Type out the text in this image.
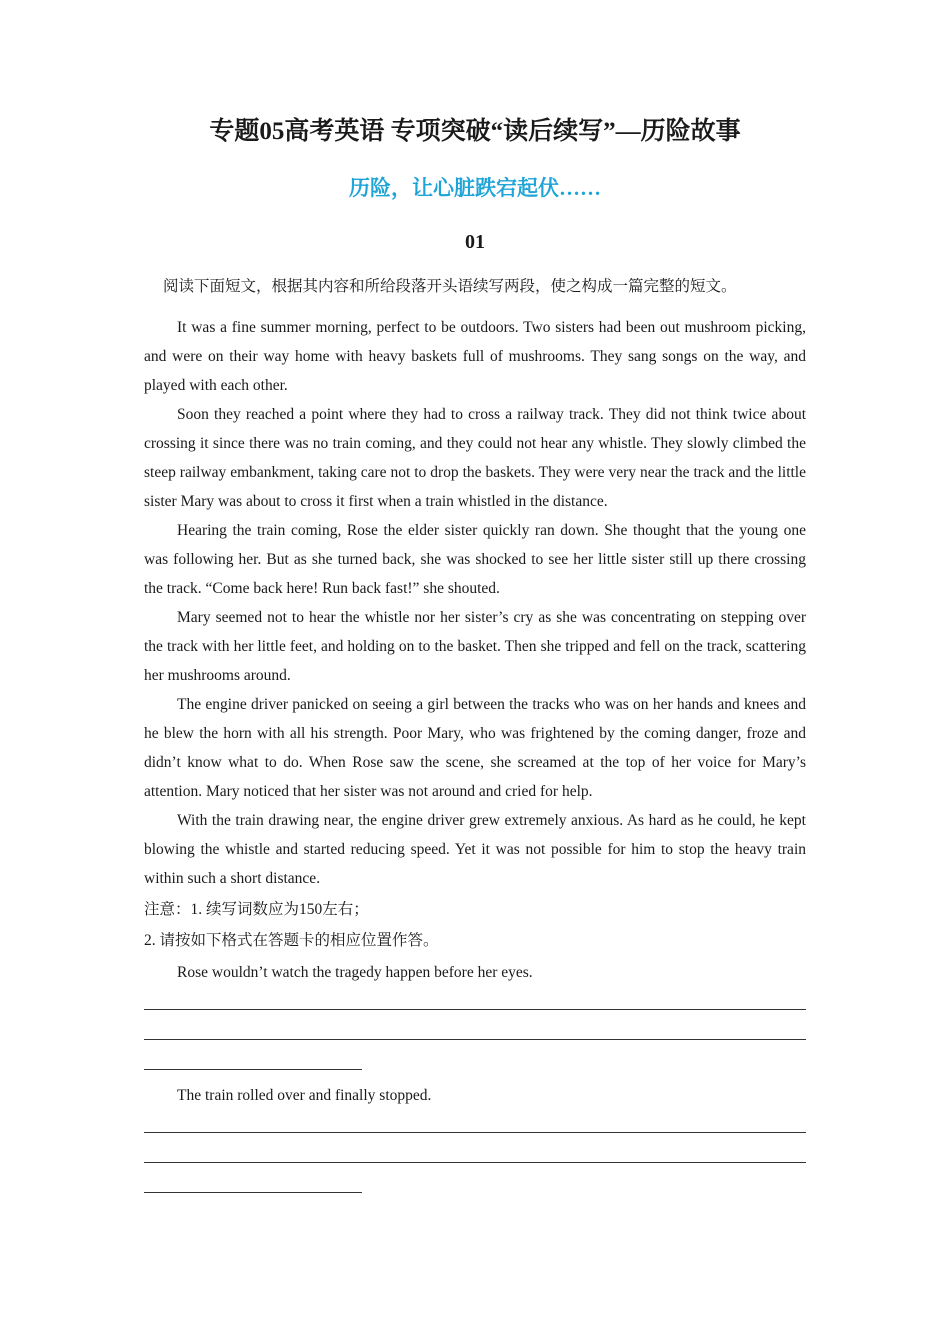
专题05高考英语 专项突破“读后续写”—历险故事
历险，让心脏跌宕起伏……
01
阅读下面短文，根据其内容和所给段落开头语续写两段，使之构成一篇完整的短文。

It was a fine summer morning, perfect to be outdoors. Two sisters had been out mushroom picking, and were on their way home with heavy baskets full of mushrooms. They sang songs on the way, and played with each other.

Soon they reached a point where they had to cross a railway track. They did not think twice about crossing it since there was no train coming, and they could not hear any whistle. They slowly climbed the steep railway embankment, taking care not to drop the baskets. They were very near the track and the little sister Mary was about to cross it first when a train whistled in the distance.

Hearing the train coming, Rose the elder sister quickly ran down. She thought that the young one was following her. But as she turned back, she was shocked to see her little sister still up there crossing the track. “Come back here! Run back fast!” she shouted.

Mary seemed not to hear the whistle nor her sister’s cry as she was concentrating on stepping over the track with her little feet, and holding on to the basket. Then she tripped and fell on the track, scattering her mushrooms around.

The engine driver panicked on seeing a girl between the tracks who was on her hands and knees and he blew the horn with all his strength. Poor Mary, who was frightened by the coming danger, froze and didn’t know what to do. When Rose saw the scene, she screamed at the top of her voice for Mary’s attention. Mary noticed that her sister was not around and cried for help.

With the train drawing near, the engine driver grew extremely anxious. As hard as he could, he kept blowing the whistle and started reducing speed. Yet it was not possible for him to stop the heavy train within such a short distance.

注意：1. 续写词数应为150左右；
2. 请按如下格式在答题卡的相应位置作答。
Rose wouldn’t watch the tragedy happen before her eyes.
The train rolled over and finally stopped.
